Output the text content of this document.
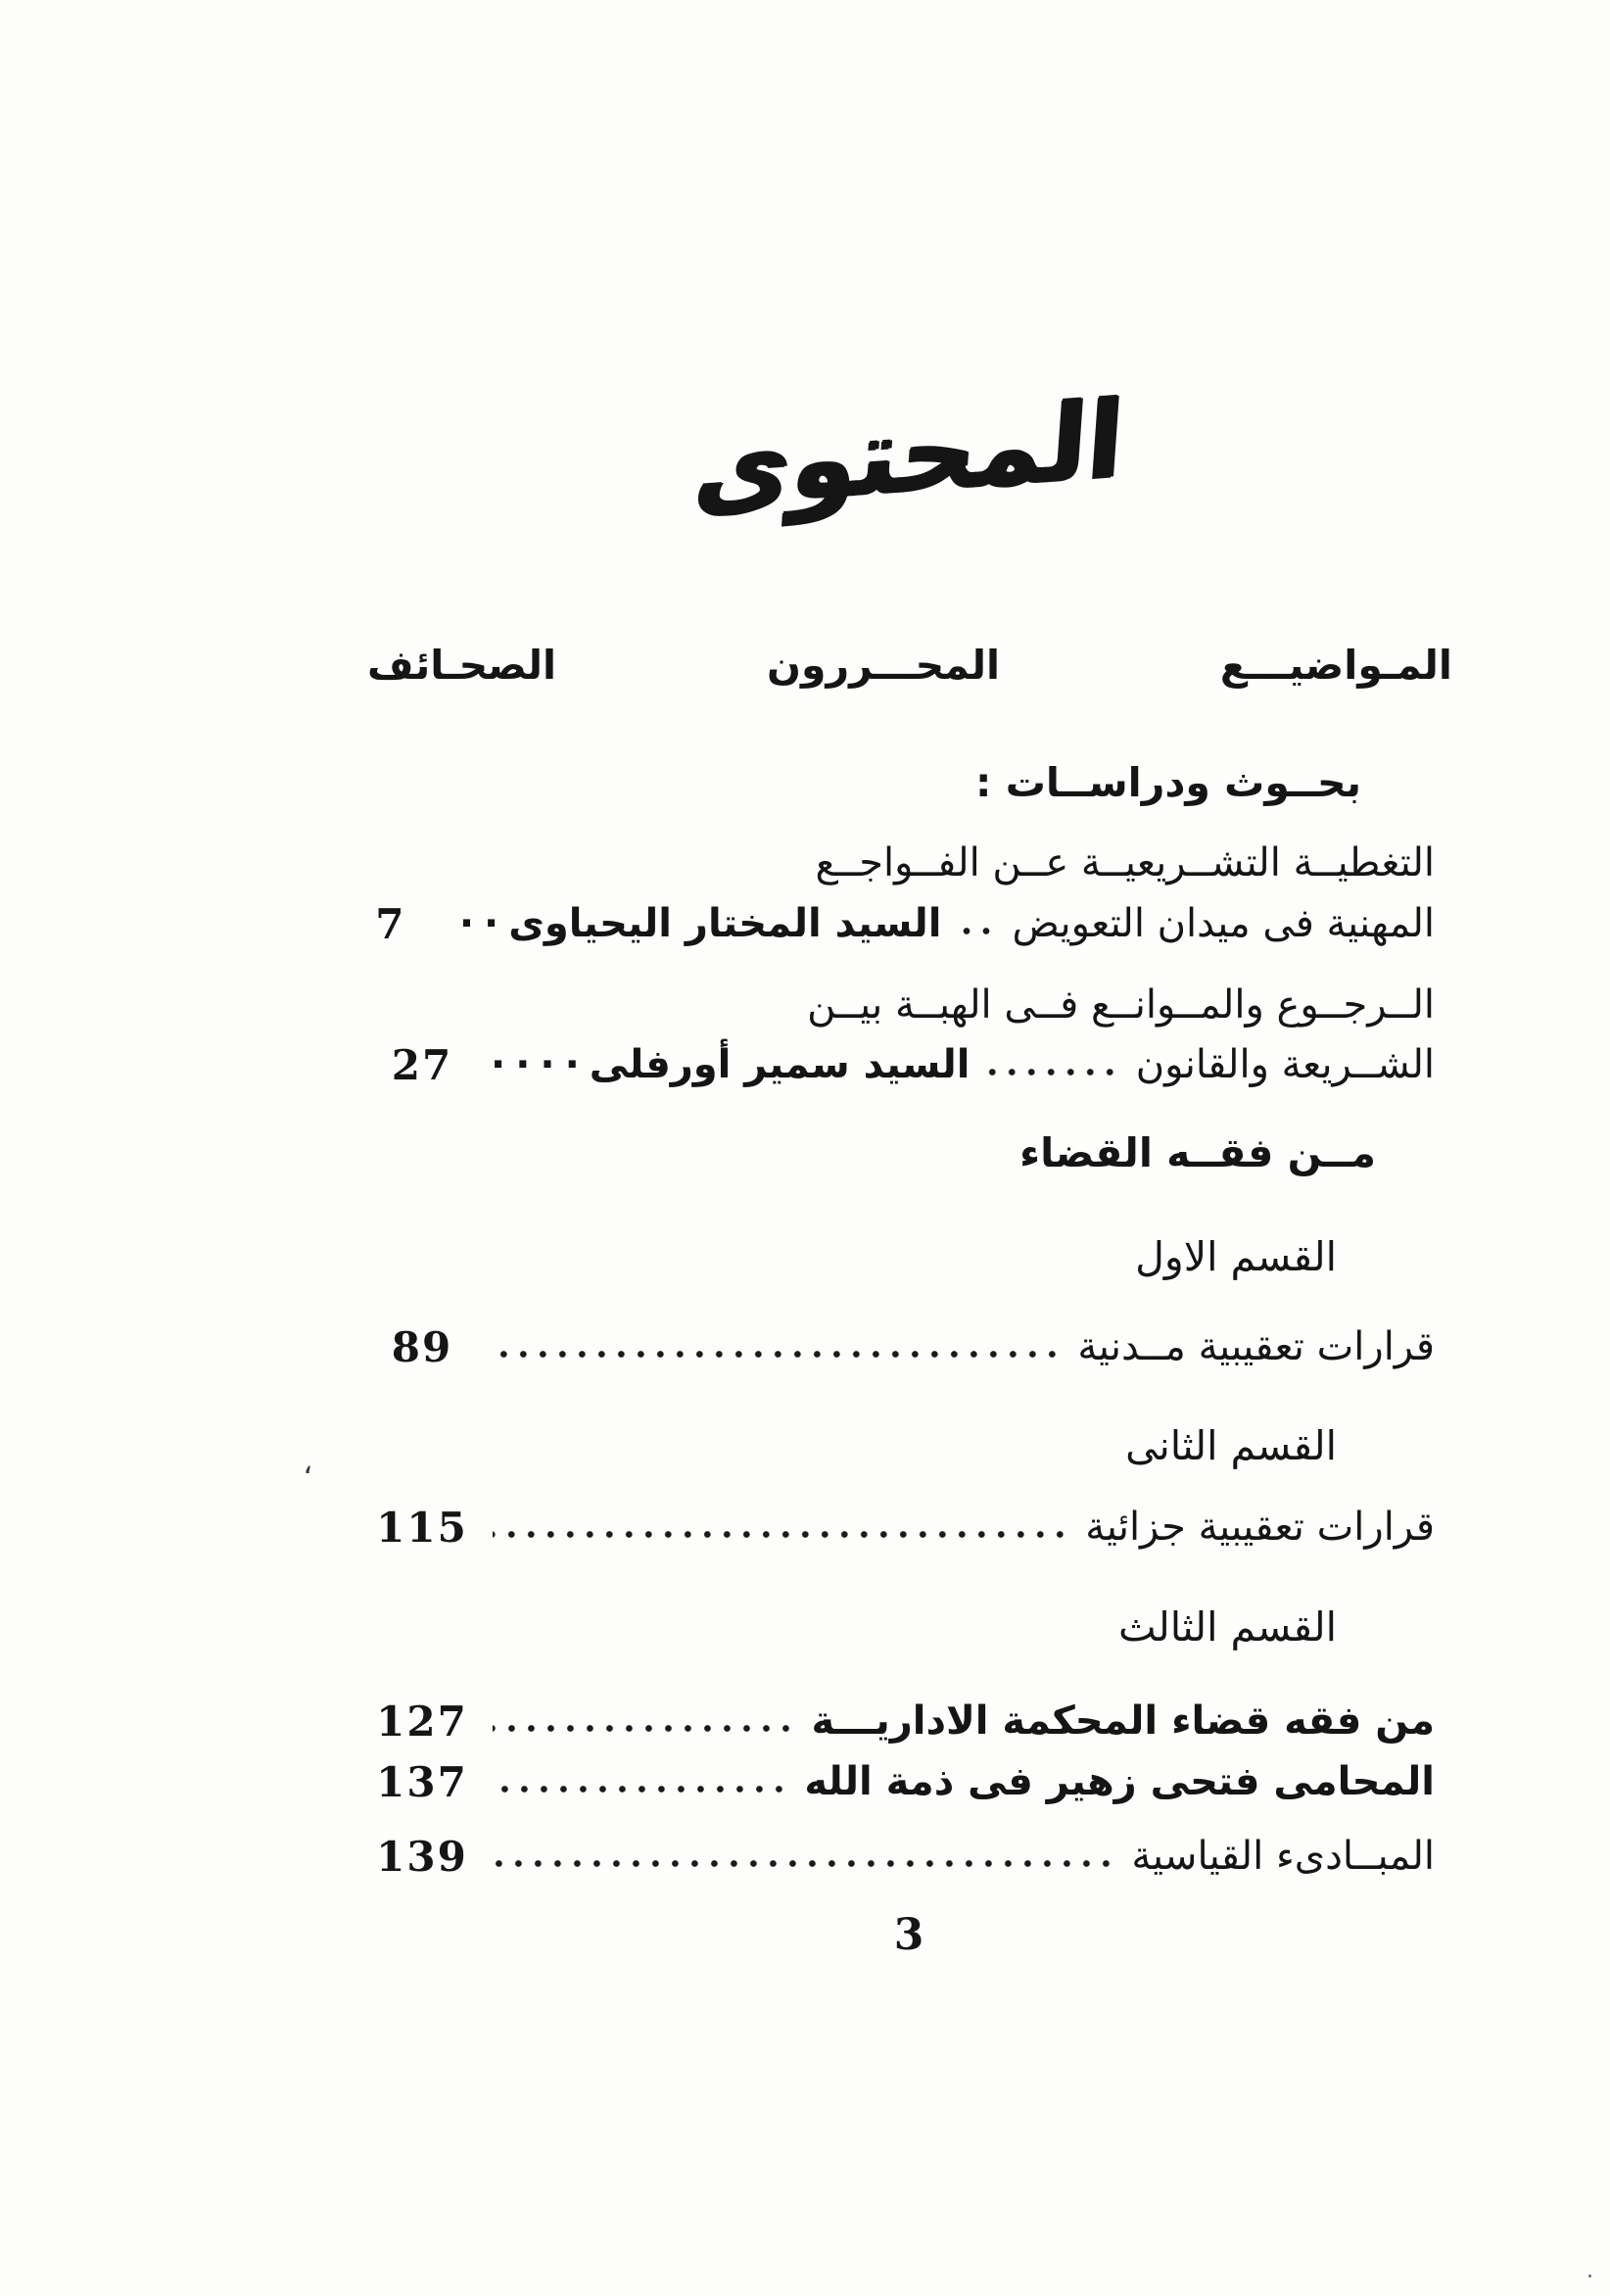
المحتوى
المـواضيـــع
المحـــررون
الصحـائف
بحــوث ودراســات :
التغطيــة التشــريعيــة عــن الفــواجــع
المهنية فى ميدان التعويض
السيد المختار اليحياوى
··
7
الــرجــوع والمــوانــع فــى الهبــة بيــن
الشــريعة والقانون
السيد سمير أورفلى
····
27
مــن فقــه القضاء
القسم الاول
قرارات تعقيبية مــدنية
89
القسم الثانى
قرارات تعقيبية جزائية
115
القسم الثالث
من فقه قضاء المحكمة الاداريـــة
127
المحامى فتحى زهير فى ذمة الله
137
المبــادىء القياسية
139
3
‘
.
